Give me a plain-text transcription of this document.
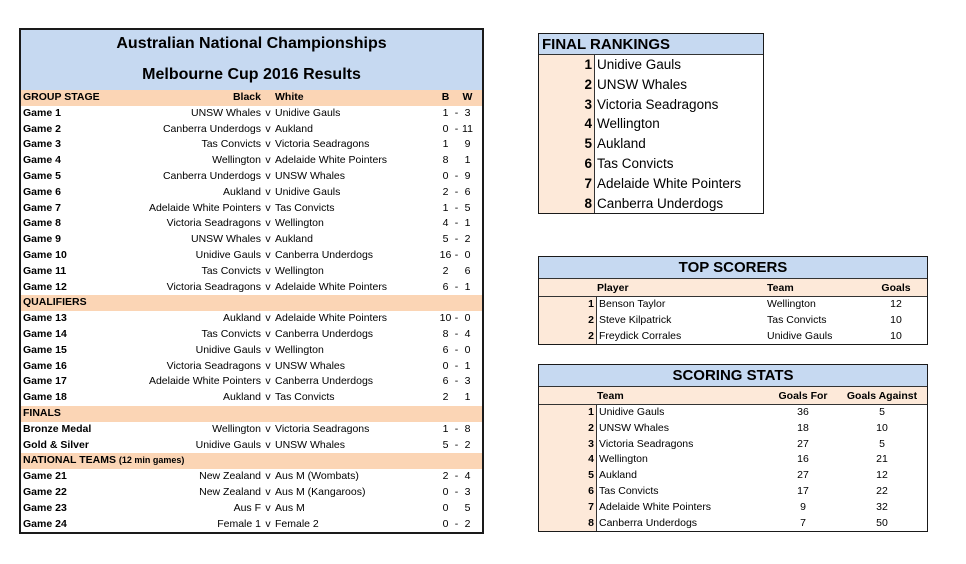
Australian National Championships
Melbourne Cup 2016 Results
GROUP STAGE	Black White	B W
Game 1	UNSW Whales v Unidive Gauls	1 - 3
Game 2	Canberra Underdogs v Aukland	0 - 11
Game 3	Tas Convicts v Victoria Seadragons	1	9
Game 4	Wellington v Adelaide White Pointers	8	1
Game 5	Canberra Underdogs v UNSW Whales	0 - 9
Game 6	Aukland v Unidive Gauls	2 - 6
Game 7	Adelaide White Pointers v Tas Convicts	1 - 5
Game 8	Victoria Seadragons v Wellington	4 - 1
Game 9	UNSW Whales v Aukland	5 - 2
Game 10	Unidive Gauls v Canberra Underdogs	16 - 0
Game 11	Tas Convicts v Wellington	2	6
Game 12	Victoria Seadragons v Adelaide White Pointers	6 - 1
QUALIFIERS
Game 13	Aukland v Adelaide White Pointers	10 - 0
Game 14	Tas Convicts v Canberra Underdogs	8 - 4
Game 15	Unidive Gauls v Wellington	6 - 0
Game 16	Victoria Seadragons v UNSW Whales	0 - 1
Game 17	Adelaide White Pointers v Canberra Underdogs	6 - 3
Game 18	Aukland v Tas Convicts	2	1
FINALS
Bronze Medal	Wellington v Victoria Seadragons	1 - 8
Gold & Silver	Unidive Gauls v UNSW Whales	5 - 2
NATIONAL TEAMS (12 min games)
Game 21	New Zealand v Aus M (Wombats)	2 - 4
Game 22	New Zealand v Aus M (Kangaroos)	0 - 3
Game 23	Aus F v Aus M	0	5
Game 24	Female 1 v Female 2	0 - 2
FINAL RANKINGS
1 Unidive Gauls
2 UNSW Whales
3 Victoria Seadragons
4 Wellington
5 Aukland
6 Tas Convicts
7 Adelaide White Pointers
8 Canberra Underdogs
TOP SCORERS
Player	Team	Goals
1 Benson Taylor	Wellington	12
2 Steve Kilpatrick	Tas Convicts	10
2 Freydick Corrales	Unidive Gauls	10
SCORING STATS
Team	Goals For	Goals Against
1 Unidive Gauls	36	5
2 UNSW Whales	18	10
3 Victoria Seadragons	27	5
4 Wellington	16	21
5 Aukland	27	12
6 Tas Convicts	17	22
7 Adelaide White Pointers	9	32
8 Canberra Underdogs	7	50
